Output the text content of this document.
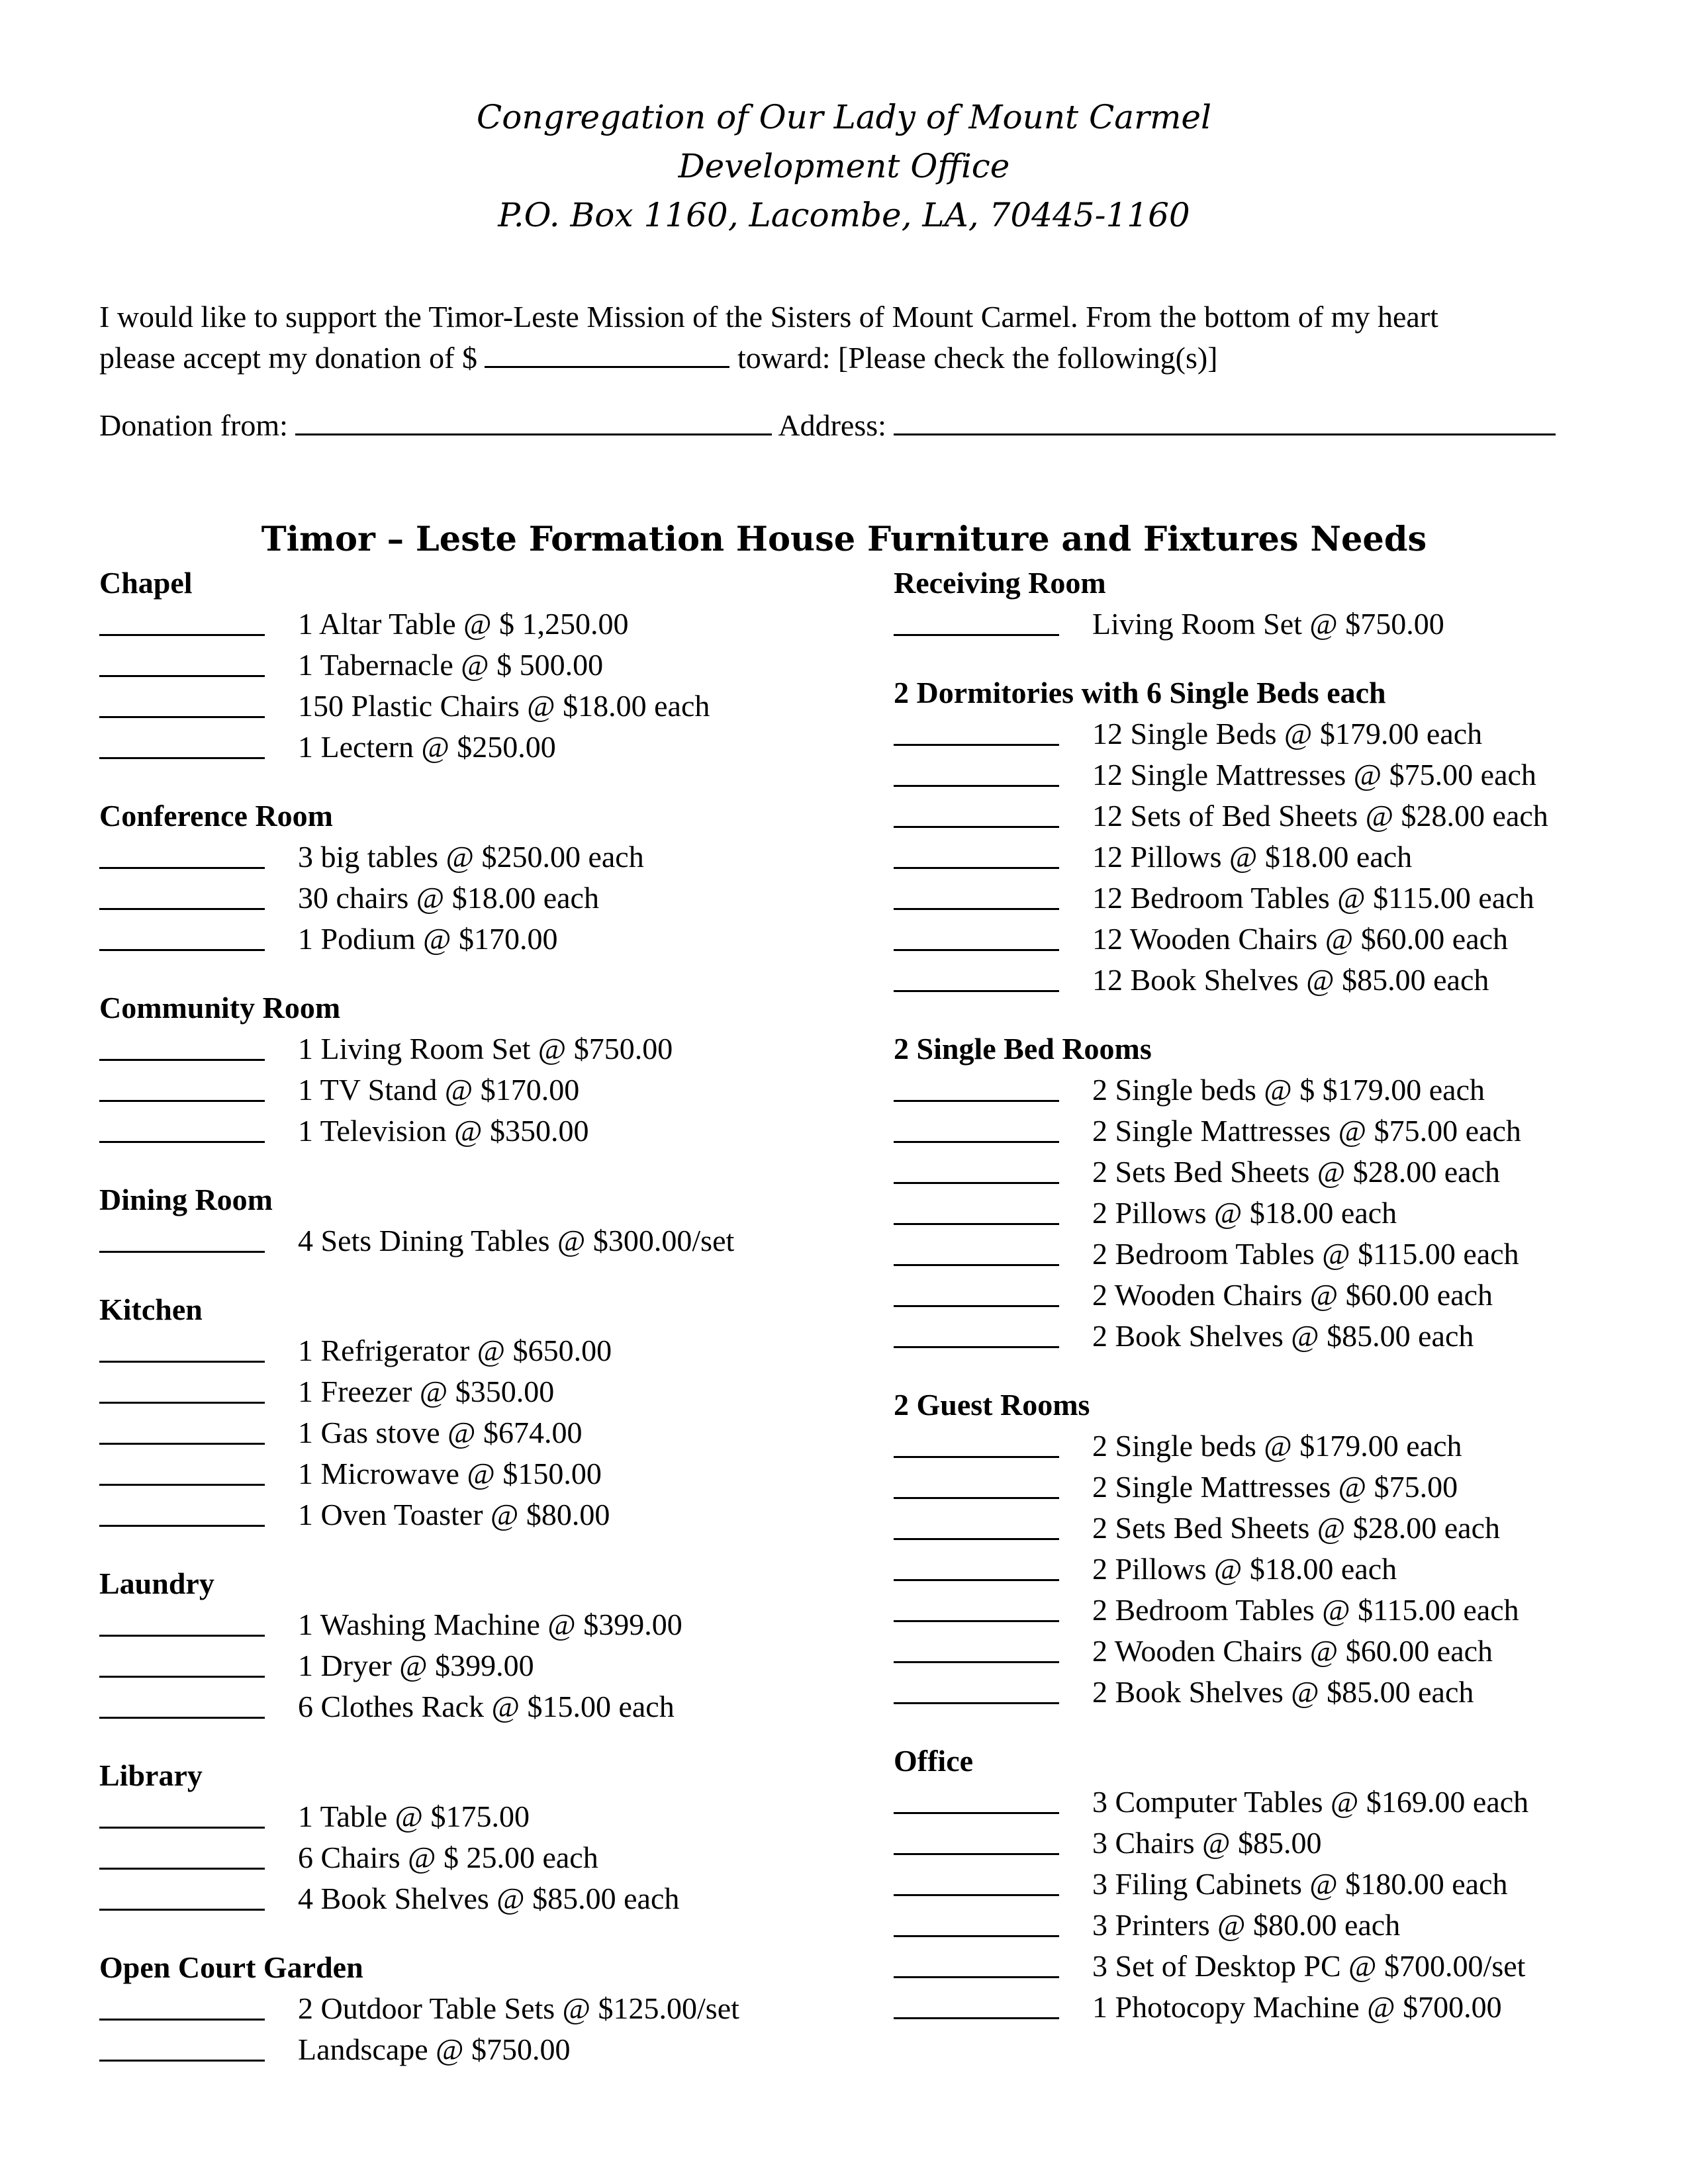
Congregation of Our Lady of Mount Carmel
Development Office
P.O. Box 1160, Lacombe, LA, 70445-1160
I would like to support the Timor-Leste Mission of the Sisters of Mount Carmel. From the bottom of my heart
please accept my donation of $	toward: [Please check the following(s)]
Donation from:	Address:
Timor – Leste Formation House Furniture and Fixtures Needs
Chapel
1 Altar Table @ $ 1,250.00
1 Tabernacle @ $ 500.00
150 Plastic Chairs @ $18.00 each
1 Lectern @ $250.00
Conference Room
3 big tables @ $250.00 each
30 chairs @ $18.00 each
1 Podium @ $170.00
Community Room
1 Living Room Set @ $750.00
1 TV Stand @ $170.00
1 Television @ $350.00
Dining Room
4 Sets Dining Tables @ $300.00/set
Kitchen
1 Refrigerator @ $650.00
1 Freezer @ $350.00
1 Gas stove @ $674.00
1 Microwave @ $150.00
1 Oven Toaster @ $80.00
Laundry
1 Washing Machine @ $399.00
1 Dryer @ $399.00
6 Clothes Rack @ $15.00 each
Library
1 Table @ $175.00
6 Chairs @ $ 25.00 each
4 Book Shelves @ $85.00 each
Open Court Garden
2 Outdoor Table Sets @ $125.00/set
Landscape @ $750.00
Receiving Room
Living Room Set @ $750.00
2 Dormitories with 6 Single Beds each
12 Single Beds @ $179.00 each
12 Single Mattresses @ $75.00 each
12 Sets of Bed Sheets @ $28.00 each
12 Pillows @ $18.00 each
12 Bedroom Tables @ $115.00 each
12 Wooden Chairs @ $60.00 each
12 Book Shelves @ $85.00 each
2 Single Bed Rooms
2 Single beds @ $ $179.00 each
2 Single Mattresses @ $75.00 each
2 Sets Bed Sheets @ $28.00 each
2 Pillows @ $18.00 each
2 Bedroom Tables @ $115.00 each
2 Wooden Chairs @ $60.00 each
2 Book Shelves @ $85.00 each
2 Guest Rooms
2 Single beds @ $179.00 each
2 Single Mattresses @ $75.00
2 Sets Bed Sheets @ $28.00 each
2 Pillows @ $18.00 each
2 Bedroom Tables @ $115.00 each
2 Wooden Chairs @ $60.00 each
2 Book Shelves @ $85.00 each
Office
3 Computer Tables @ $169.00 each
3 Chairs @ $85.00
3 Filing Cabinets @ $180.00 each
3 Printers @ $80.00 each
3 Set of Desktop PC @ $700.00/set
1 Photocopy Machine @ $700.00
